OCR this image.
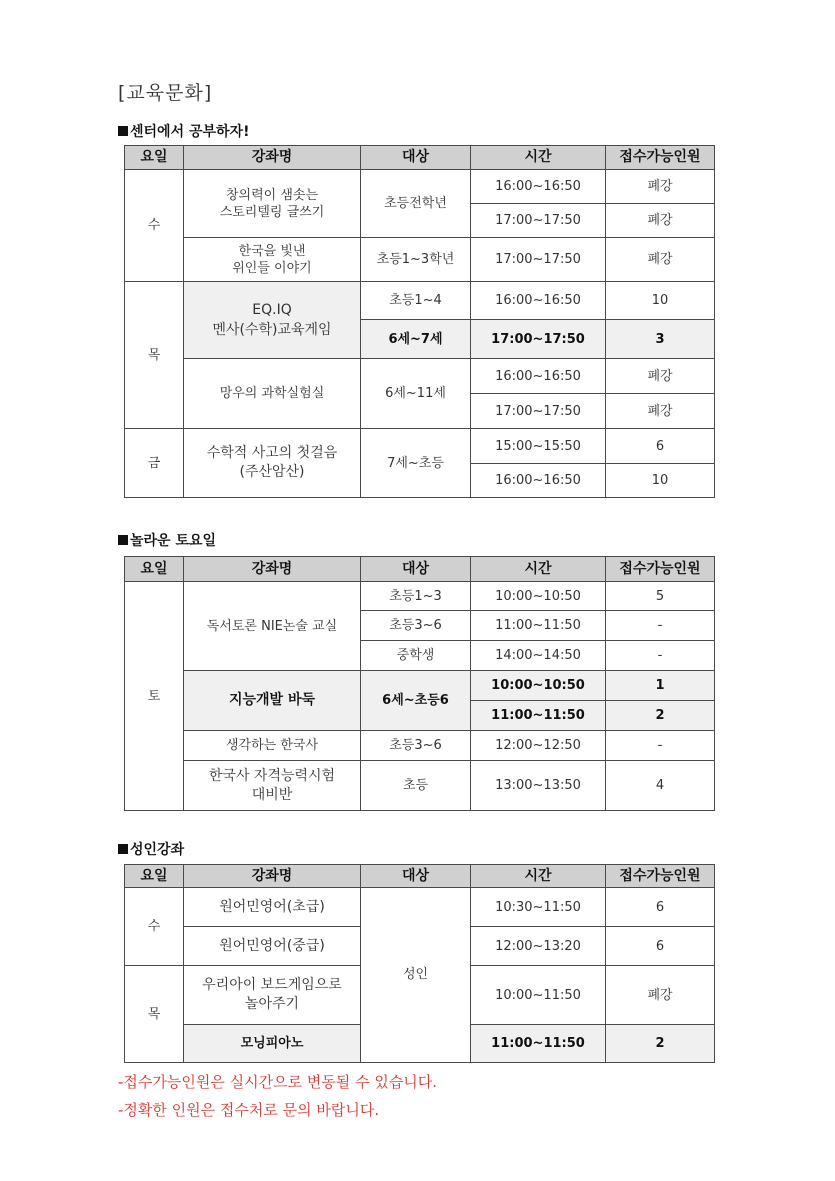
[교육문화]
센터에서 공부하자!
요일	강좌명	대상	시간	접수가능인원
수	창의력이 샘솟는
스토리텔링 글쓰기	초등전학년	16:00~16:50	폐강
			17:00~17:50	폐강
	한국을 빛낸
위인들 이야기	초등1~3학년	17:00~17:50	폐강
목	EQ.IQ
멘사(수학)교육게임	초등1~4	16:00~16:50	10
		6세~7세	17:00~17:50	3
	망우의 과학실험실	6세~11세	16:00~16:50	폐강
			17:00~17:50	폐강
금	수학적 사고의 첫걸음
(주산암산)	7세~초등	15:00~15:50	6
			16:00~16:50	10
놀라운 토요일
요일	강좌명	대상	시간	접수가능인원
토	독서토론 NIE논술 교실	초등1~3	10:00~10:50	5
		초등3~6	11:00~11:50	-
		중학생	14:00~14:50	-
	지능개발 바둑	6세~초등6	10:00~10:50	1
			11:00~11:50	2
	생각하는 한국사	초등3~6	12:00~12:50	-
	한국사 자격능력시험
대비반	초등	13:00~13:50	4
성인강좌
요일	강좌명	대상	시간	접수가능인원
수	원어민영어(초급)	성인	10:30~11:50	6
	원어민영어(중급)		12:00~13:20	6
목	우리아이 보드게임으로
놀아주기		10:00~11:50	폐강
	모닝피아노		11:00~11:50	2
-접수가능인원은 실시간으로 변동될 수 있습니다.
-정확한 인원은 접수처로 문의 바랍니다.
